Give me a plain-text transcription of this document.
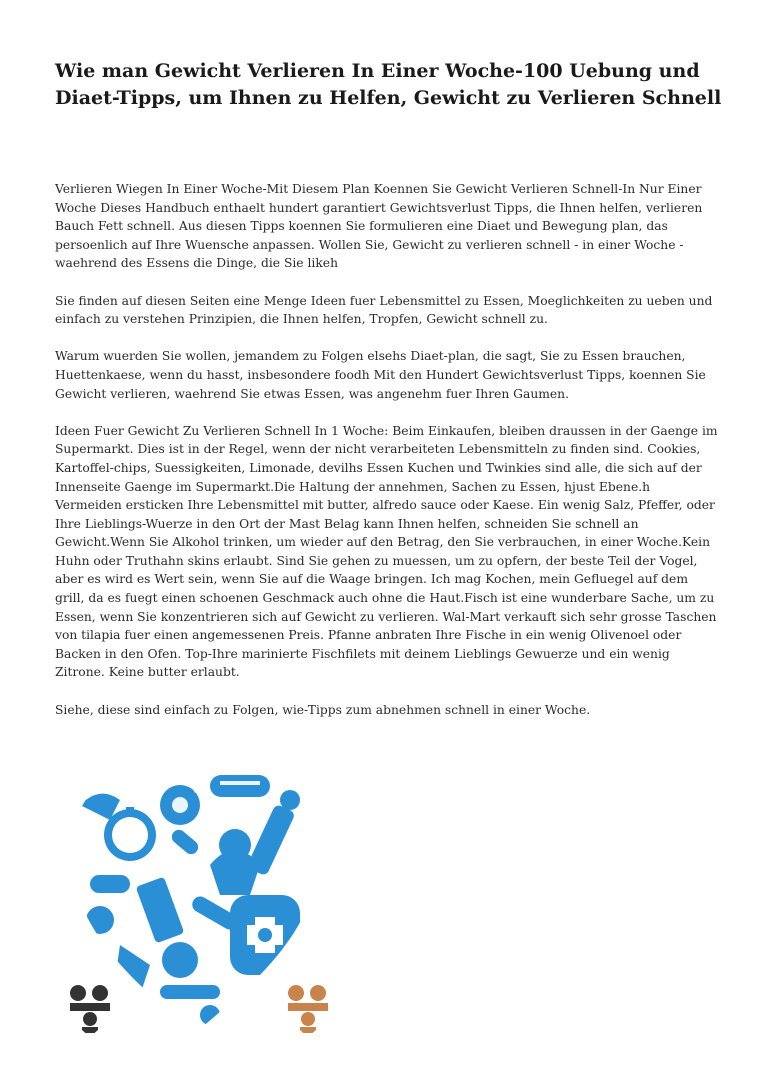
Wie man Gewicht Verlieren In Einer Woche-100 Uebung und Diaet-Tipps, um Ihnen zu Helfen, Gewicht zu Verlieren Schnell

Verlieren Wiegen In Einer Woche-Mit Diesem Plan Koennen Sie Gewicht Verlieren Schnell-In Nur Einer Woche Dieses Handbuch enthaelt hundert garantiert Gewichtsverlust Tipps, die Ihnen helfen, verlieren Bauch Fett schnell. Aus diesen Tipps koennen Sie formulieren eine Diaet und Bewegung plan, das persoenlich auf Ihre Wuensche anpassen. Wollen Sie, Gewicht zu verlieren schnell - in einer Woche - waehrend des Essens die Dinge, die Sie likeh

Sie finden auf diesen Seiten eine Menge Ideen fuer Lebensmittel zu Essen, Moeglichkeiten zu ueben und einfach zu verstehen Prinzipien, die Ihnen helfen, Tropfen, Gewicht schnell zu.

Warum wuerden Sie wollen, jemandem zu Folgen elsehs Diaet-plan, die sagt, Sie zu Essen brauchen, Huettenkaese, wenn du hasst, insbesondere foodh Mit den Hundert Gewichtsverlust Tipps, koennen Sie Gewicht verlieren, waehrend Sie etwas Essen, was angenehm fuer Ihren Gaumen.

Ideen Fuer Gewicht Zu Verlieren Schnell In 1 Woche: Beim Einkaufen, bleiben draussen in der Gaenge im Supermarkt. Dies ist in der Regel, wenn der nicht verarbeiteten Lebensmitteln zu finden sind. Cookies, Kartoffel-chips, Suessigkeiten, Limonade, devilhs Essen Kuchen und Twinkies sind alle, die sich auf der Innenseite Gaenge im Supermarkt.Die Haltung der annehmen, Sachen zu Essen, hjust Ebene.h Vermeiden ersticken Ihre Lebensmittel mit butter, alfredo sauce oder Kaese. Ein wenig Salz, Pfeffer, oder Ihre Lieblings-Wuerze in den Ort der Mast Belag kann Ihnen helfen, schneiden Sie schnell an Gewicht.Wenn Sie Alkohol trinken, um wieder auf den Betrag, den Sie verbrauchen, in einer Woche.Kein Huhn oder Truthahn skins erlaubt. Sind Sie gehen zu muessen, um zu opfern, der beste Teil der Vogel, aber es wird es Wert sein, wenn Sie auf die Waage bringen. Ich mag Kochen, mein Gefluegel auf dem grill, da es fuegt einen schoenen Geschmack auch ohne die Haut.Fisch ist eine wunderbare Sache, um zu Essen, wenn Sie konzentrieren sich auf Gewicht zu verlieren. Wal-Mart verkauft sich sehr grosse Taschen von tilapia fuer einen angemessenen Preis. Pfanne anbraten Ihre Fische in ein wenig Olivenoel oder Backen in den Ofen. Top-Ihre marinierte Fischfilets mit deinem Lieblings Gewuerze und ein wenig Zitrone. Keine butter erlaubt.

Siehe, diese sind einfach zu Folgen, wie-Tipps zum abnehmen schnell in einer Woche.
